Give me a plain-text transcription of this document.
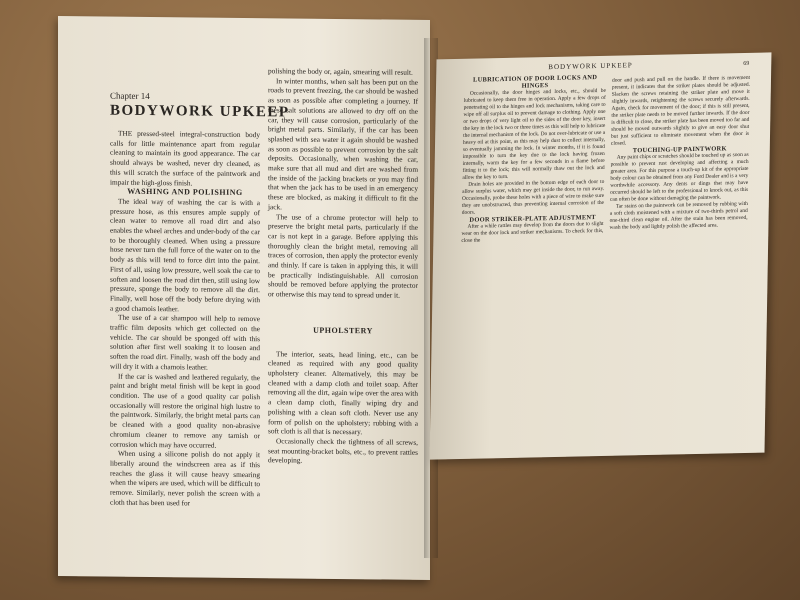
Chapter 14
BODYWORK UPKEEP

THE pressed-steel integral-construction body calls for little maintenance apart from regular cleaning to maintain its good appearance. The car should always be washed, never dry cleaned, as this will scratch the surface of the paintwork and impair the high-gloss finish.

WASHING AND POLISHING

The ideal way of washing the car is with a pressure hose, as this ensures ample supply of clean water to remove all road dirt and also enables the wheel arches and under-body of the car to be thoroughly cleaned. When using a pressure hose never turn the full force of the water on to the body as this will tend to force dirt into the paint. First of all, using low pressure, well soak the car to soften and loosen the road dirt then, still using low pressure, sponge the body to remove all the dirt. Finally, well hose off the body before drying with a good chamois leather.

The use of a car shampoo will help to remove traffic film deposits which get collected on the vehicle. The car should be sponged off with this solution after first well soaking it to loosen and soften the road dirt. Finally, wash off the body and will dry it with a chamois leather.

If the car is washed and leathered regularly, the paint and bright metal finish will be kept in good condition. The use of a good quality car polish occasionally will restore the original high lustre to the paintwork. Similarly, the bright metal parts can be cleaned with a good quality non-abrasive chromium cleaner to remove any tarnish or corrosion which may have occurred.

When using a silicone polish do not apply it liberally around the windscreen area as if this reaches the glass it will cause heavy smearing when the wipers are used, which will be difficult to remove. Similarly, never polish the screen with a cloth that has been used for

polishing the body or, again, smearing will result.

In winter months, when salt has been put on the roads to prevent freezing, the car should be washed as soon as possible after completing a journey. If these salt solutions are allowed to dry off on the car, they will cause corrosion, particularly of the bright metal parts. Similarly, if the car has been splashed with sea water it again should be washed as soon as possible to prevent corrosion by the salt deposits. Occasionally, when washing the car, make sure that all mud and dirt are washed from the inside of the jacking brackets or you may find that when the jack has to be used in an emergency these are blocked, as making it difficult to fit the jack.

The use of a chrome protector will help to preserve the bright metal parts, particularly if the car is not kept in a garage. Before applying this thoroughly clean the bright metal, removing all traces of corrosion, then apply the protector evenly and thinly. If care is taken in applying this, it will be practically indistinguishable. All corrosion should be removed before applying the protector or otherwise this may tend to spread under it.

UPHOLSTERY

The interior, seats, head lining, etc., can be cleaned as required with any good quality upholstery cleaner. Alternatively, this may be cleaned with a damp cloth and toilet soap. After removing all the dirt, again wipe over the area with a clean damp cloth, finally wiping dry and polishing with a clean soft cloth. Never use any form of polish on the upholstery; rubbing with a soft cloth is all that is necessary.

Occasionally check the tightness of all screws, seat mounting-bracket bolts, etc., to prevent rattles developing.

BODYWORK UPKEEP	69

LUBRICATION OF DOOR LOCKS AND HINGES

Occasionally, the door hinges and locks, etc., should be lubricated to keep them free in operation. Apply a few drops of penetrating oil to the hinges and lock mechanisms, taking care to wipe off all surplus oil to prevent damage to clothing. Apply one or two drops of very light oil to the sides of the door key, insert the key in the lock two or three times as this will help to lubricate the internal mechanism of the lock. Do not over-lubricate or use a heavy oil at this point, as this may help dust to collect internally, so eventually jamming the lock. In winter months, if it is found impossible to turn the key due to the lock having frozen internally, warm the key for a few seconds in a flame before fitting it to the lock; this will normally thaw out the lock and allow the key to turn.

Drain holes are provided in the bottom edge of each door to allow surplus water, which may get inside the door, to run away. Occasionally, probe these holes with a piece of wire to make sure they are unobstructed, thus preventing internal corrosion of the doors.

DOOR STRIKER-PLATE ADJUSTMENT

After a while rattles may develop from the doors due to slight wear on the door lock and striker mechanisms. To check for this, close the

door and push and pull on the handle. If there is movement present, it indicates that the striker plates should be adjusted. Slacken the screws retaining the striker plate and move it slightly inwards, retightening the screws securely afterwards. Again, check for movement of the door; if this is still present, the striker plate needs to be moved further inwards. If the door is difficult to close, the striker plate has been moved too far and should be moved outwards slightly to give an easy door shut but just sufficient to eliminate movement when the door is closed.

TOUCHING-UP PAINTWORK

Any paint chips or scratches should be touched up as soon as possible to prevent rust developing and affecting a much greater area. For this purpose a touch-up kit of the appropriate body colour can be obtained from any Ford Dealer and is a very worthwhile accessory. Any dents or dings that may have occurred should be left to the professional to knock out, as this can often be done without damaging the paintwork.

Tar stains on the paintwork can be removed by rubbing with a soft cloth moistened with a mixture of two-thirds petrol and one-third clean engine oil. After the stain has been removed, wash the body and lightly polish the affected area.
